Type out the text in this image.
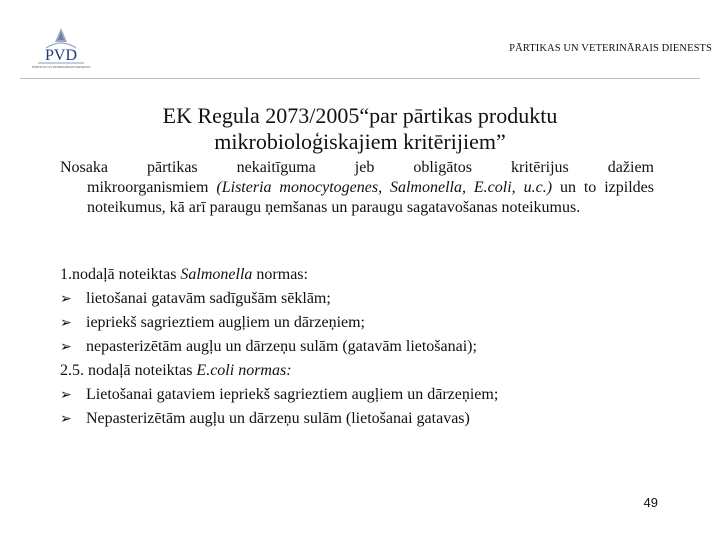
PVD
PĀRTIKAS UN VETERINĀRAIS DIENESTS
PĀRTIKAS UN VETERINĀRAIS DIENESTS
EK Regula 2073/2005“par pārtikas produktu
mikrobioloģiskajiem kritērijiem”
Nosaka pārtikas nekaitīguma jeb obligātos kritērijus dažiem
mikroorganismiem (Listeria monocytogenes, Salmonella, E.coli, u.c.) un to izpildes noteikumus, kā arī paraugu ņemšanas un paraugu sagatavošanas noteikumus.
1.nodaļā noteiktas Salmonella normas:
➢ lietošanai gatavām sadīgušām sēklām;
➢ iepriekš sagrieztiem augļiem un dārzeņiem;
➢ nepasterizētām augļu un dārzeņu sulām (gatavām lietošanai);
2.5. nodaļā noteiktas E.coli normas:
➢ Lietošanai gataviem iepriekš sagrieztiem augļiem un dārzeņiem;
➢ Nepasterizētām augļu un dārzeņu sulām (lietošanai gatavas)
49
